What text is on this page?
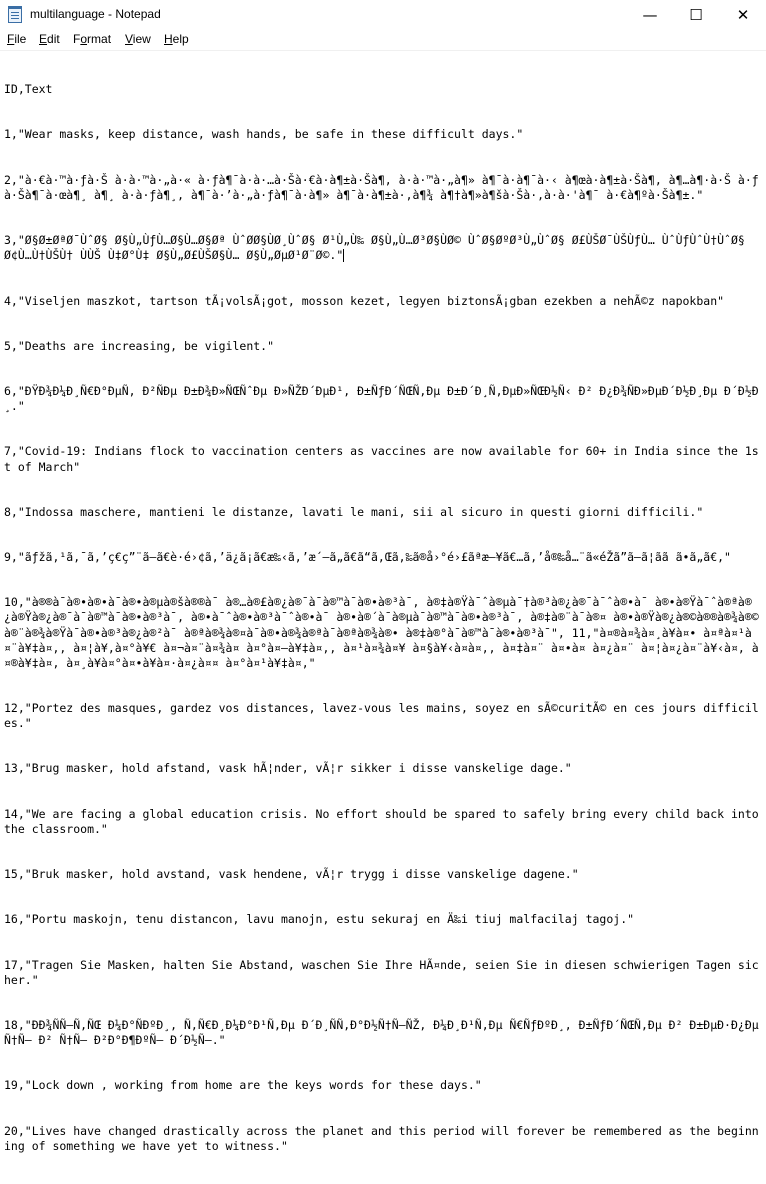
multilanguage - Notepad	—	☐	✕
File Edit Format View Help

ID,Text

1,"Wear masks, keep distance, wash hands, be safe in these difficult days."

2,"à·€à·™à·ƒà·Š à·à·™à·„à·« à·ƒà¶¯à·à·…à·Šà·€à·à¶±à·Šà¶, à·à·™à·„à¶» à¶¯à·à¶¯à·‹ à¶œà·à¶±à·Šà¶, à¶…à¶·à·Š à·ƒà·Šà¶¯à·œà¶¸ à¶¸ à·à·ƒà¶¸, à¶¯à·’à·„à·ƒà¶¯à·à¶» à¶¯à·à¶±à·‚à¶¾ à¶†à¶»à¶šà·Šà·‚à·à·'à¶¯ à·€à¶ºà·Šà¶±."

3,"Ø§Ø±ØªØ¯ÙˆØ§ Ø§Ù„ÙƒÙ…Ø§Ù…Ø§Øª ÙˆØØ§ÙØ¸ÙˆØ§ Ø¹Ù„Ù‰ Ø§Ù„Ù…Ø³Ø§ÙØ© ÙˆØ§ØºØ³Ù„ÙˆØ§ Ø£ÙŠØ¯ÙŠÙƒÙ… ÙˆÙƒÙˆÙ†ÙˆØ§ Ø¢Ù…Ù†ÙŠÙ† ÙÙŠ Ù‡Ø°Ù‡ Ø§Ù„Ø£ÙŠØ§Ù… Ø§Ù„ØµØ¹Ø¨Ø©."

4,"Viseljen maszkot, tartson tÃ¡volsÃ¡got, mosson kezet, legyen biztonsÃ¡gban ezekben a nehÃ©z napokban"

5,"Deaths are increasing, be vigilent."

6,"ÐŸÐ¾Ð¼Ð¸Ñ€Ð°ÐµÑ‚ Ð²ÑÐµ Ð±Ð¾Ð»ÑŒÑˆÐµ Ð»ÑŽÐ´ÐµÐ¹, Ð±ÑƒÐ´ÑŒÑ‚Ðµ Ð±Ð´Ð¸Ñ‚ÐµÐ»ÑŒÐ½Ñ‹ Ð² Ð¿Ð¾ÑÐ»ÐµÐ´Ð½Ð¸Ðµ Ð´Ð½Ð¸."

7,"Covid-19: Indians flock to vaccination centers as vaccines are now available for 60+ in India since the 1st of March"

8,"Indossa maschere, mantieni le distanze, lavati le mani, sii al sicuro in questi giorni difficili."

9,"ãƒžã‚¹ã‚¯ã‚’ç€ç”¨ã—ã€è·é›¢ã‚’ä¿ã¡ã€æ‰‹ã‚’æ´—ã„ã€ã“ã‚Œã‚‰ã®å›°é›£ãªæ—¥ã€…ã‚’å®‰å…¨ã«éŽã”ã—ã¦ãã ã•ã„ã€‚"

10,"à®®à¯à®•à®•à¯à®•à®µà®šà®®à¯ à®…à®£à®¿à®¯à¯à®™à¯à®•à®³à¯, à®‡à®Ÿà¯ˆà®µà¯†à®³à®¿à®¯à¯ˆà®•à¯ à®•à®Ÿà¯ˆà®ªà®¿à®Ÿà®¿à®¯à¯à®™à¯à®•à®³à¯, à®•à¯ˆà®•à®³à¯ˆà®•à¯ à®•à®´à¯à®µà¯à®™à¯à®•à®³à¯, à®‡à®¨à¯à®¤ à®•à®Ÿà®¿à®©à®®à®¾à®© à®¨à®¾à®Ÿà¯à®•à®³à®¿à®²à¯ à®ªà®¾à®¤à¯à®•à®¾à®ªà¯à®ªà®¾à®• à®‡à®°à¯à®™à¯à®•à®³à¯", 11,"à¤®à¤¾à¤¸à¥à¤• à¤ªà¤¹à¤¨à¥‡à¤‚, à¤¦à¥‚à¤°à¥€ à¤¬à¤¨à¤¾à¤ à¤°à¤–à¥‡à¤‚, à¤¹à¤¾à¤¥ à¤§à¥‹à¤à¤‚, à¤‡à¤¨ à¤•à¤ à¤¿à¤¨ à¤¦à¤¿à¤¨à¥‹à¤‚ à¤®à¥‡à¤‚ à¤¸à¥à¤°à¤•à¥à¤·à¤¿à¤¤ à¤°à¤¹à¥‡à¤‚"

12,"Portez des masques, gardez vos distances, lavez-vous les mains, soyez en sÃ©curitÃ© en ces jours difficiles."

13,"Brug masker, hold afstand, vask hÃ¦nder, vÃ¦r sikker i disse vanskelige dage."

14,"We are facing a global education crisis. No effort should be spared to safely bring every child back into the classroom."

15,"Bruk masker, hold avstand, vask hendene, vÃ¦r trygg i disse vanskelige dagene."

16,"Portu maskojn, tenu distancon, lavu manojn, estu sekuraj en Ä‰i tiuj malfacilaj tagoj."

17,"Tragen Sie Masken, halten Sie Abstand, waschen Sie Ihre HÃ¤nde, seien Sie in diesen schwierigen Tagen sicher."

18,"ÐÐ¾ÑÑ–Ñ‚ÑŒ Ð¼Ð°ÑÐºÐ¸, Ñ‚Ñ€Ð¸Ð¼Ð°Ð¹Ñ‚Ðµ Ð´Ð¸ÑÑ‚Ð°Ð½Ñ†Ñ–ÑŽ, Ð¼Ð¸Ð¹Ñ‚Ðµ Ñ€ÑƒÐºÐ¸, Ð±ÑƒÐ´ÑŒÑ‚Ðµ Ð² Ð±ÐµÐ·Ð¿ÐµÑ†Ñ– Ð² Ñ†Ñ– Ð²Ð°Ð¶ÐºÑ– Ð´Ð½Ñ–."

19,"Lock down , working from home are the keys words for these days."

20,"Lives have changed drastically across the planet and this period will forever be remembered as the beginning of something we have yet to witness."
